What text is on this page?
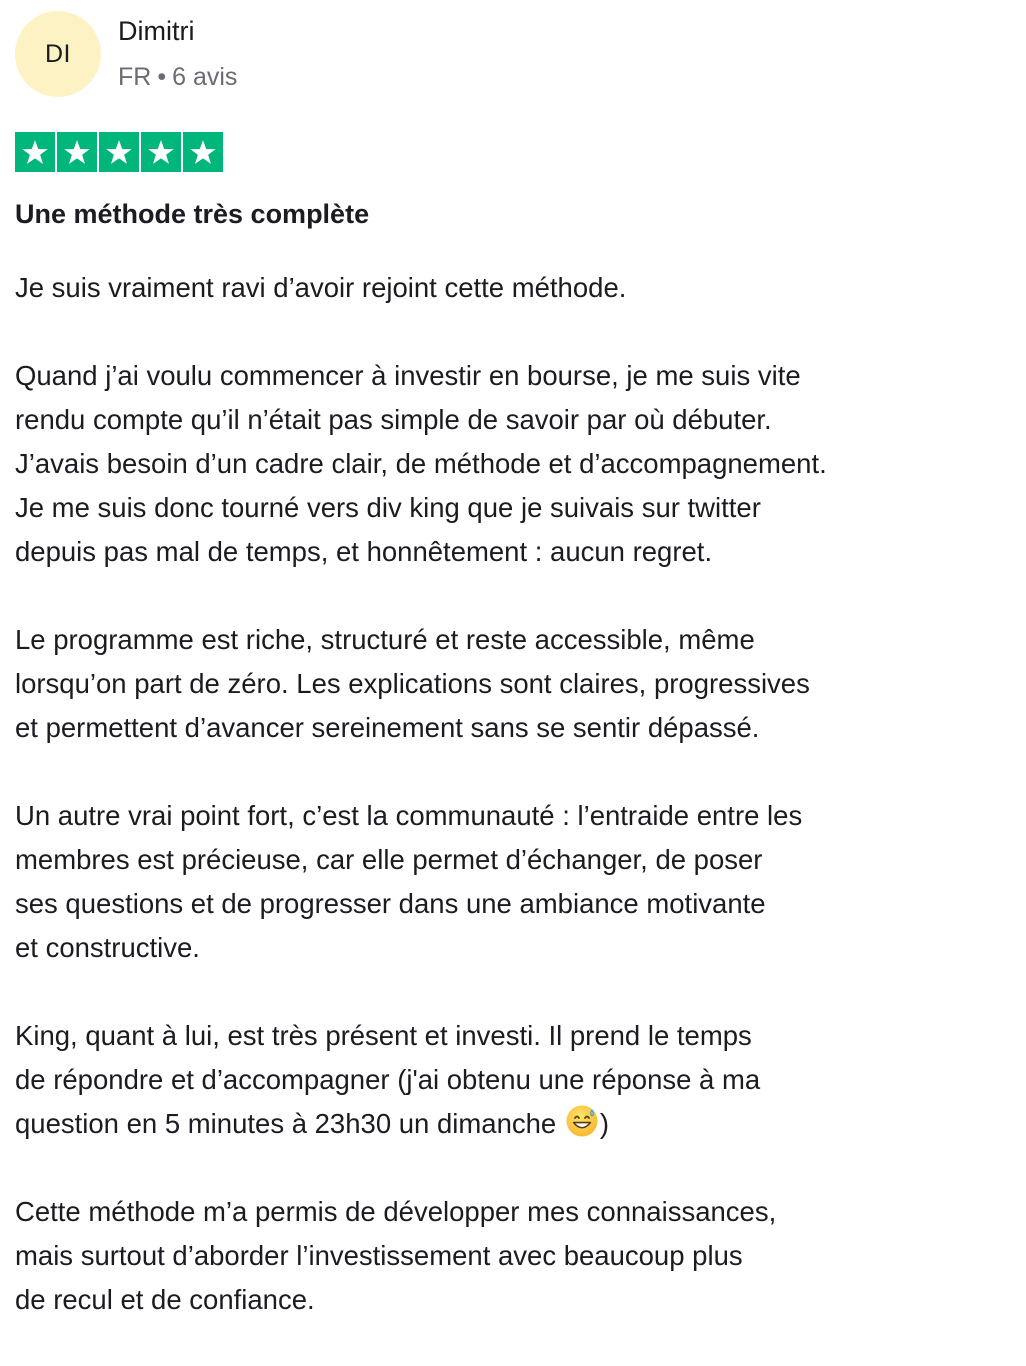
DI
Dimitri
FR • 6 avis
Une méthode très complète

Je suis vraiment ravi d’avoir rejoint cette méthode.

Quand j’ai voulu commencer à investir en bourse, je me suis vite
rendu compte qu’il n’était pas simple de savoir par où débuter.
J’avais besoin d’un cadre clair, de méthode et d’accompagnement.
Je me suis donc tourné vers div king que je suivais sur twitter
depuis pas mal de temps, et honnêtement : aucun regret.

Le programme est riche, structuré et reste accessible, même
lorsqu’on part de zéro. Les explications sont claires, progressives
et permettent d’avancer sereinement sans se sentir dépassé.

Un autre vrai point fort, c’est la communauté : l’entraide entre les
membres est précieuse, car elle permet d’échanger, de poser
ses questions et de progresser dans une ambiance motivante
et constructive.

King, quant à lui, est très présent et investi. Il prend le temps
de répondre et d’accompagner (j'ai obtenu une réponse à ma
question en 5 minutes à 23h30 un dimanche )

Cette méthode m’a permis de développer mes connaissances,
mais surtout d’aborder l’investissement avec beaucoup plus
de recul et de confiance.
